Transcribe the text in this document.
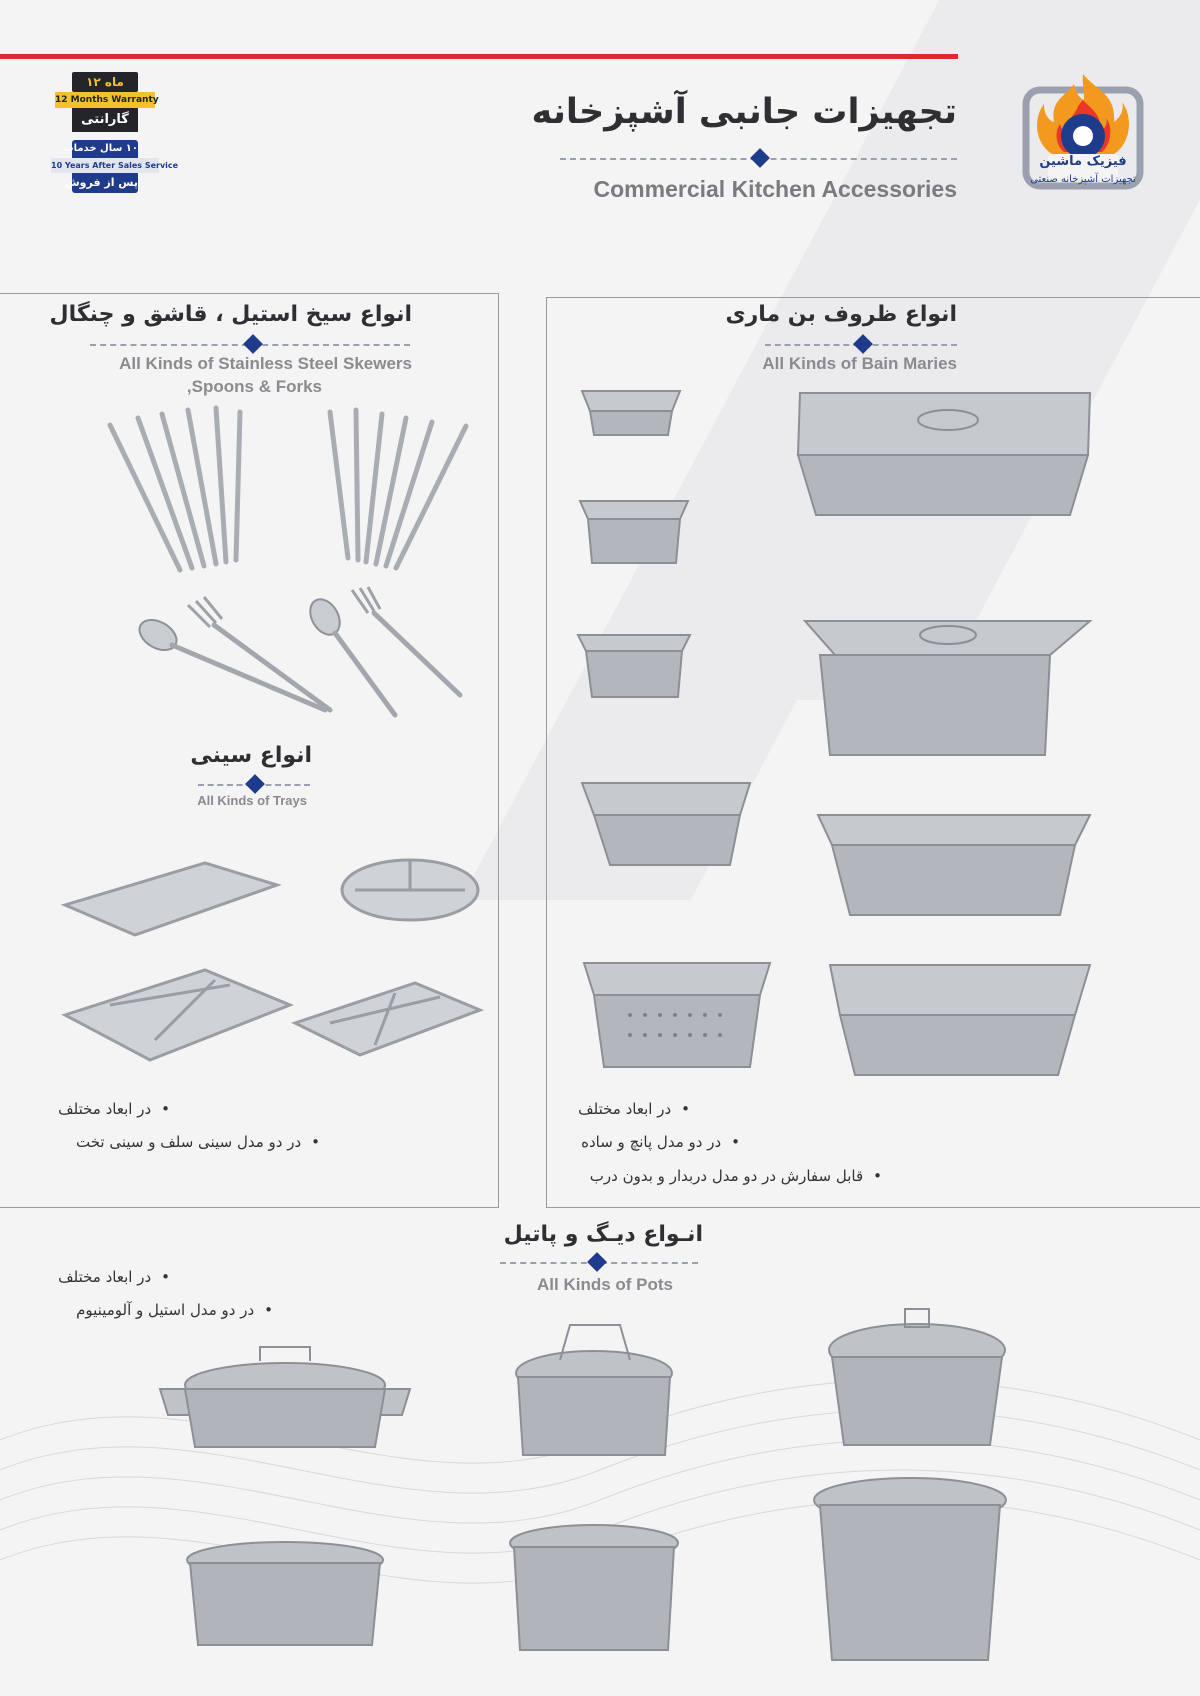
۱۲ ماه
12 Months Warranty
گارانتی
۱۰ سال خدمات
10 Years After Sales Service
پس از فروش
تجهیزات جانبی آشپزخانه
Commercial Kitchen Accessories
فیزیک ماشین
تجهیزات آشپزخانه صنعتی
انواع سیخ استیل ، قاشق و چنگال
All Kinds of Stainless Steel Skewers
,Spoons & Forks
انواع سینی
All Kinds of Trays
• در ابعاد مختلف
• در دو مدل سینی سلف و سینی تخت
انواع ظروف بن ماری
All Kinds of Bain Maries
• در ابعاد مختلف
• در دو مدل پانچ و ساده
• قابل سفارش در دو مدل دربدار و بدون درب
انـواع دیـگ و پاتیل
All Kinds of Pots
• در ابعاد مختلف
• در دو مدل استیل و آلومینیوم
